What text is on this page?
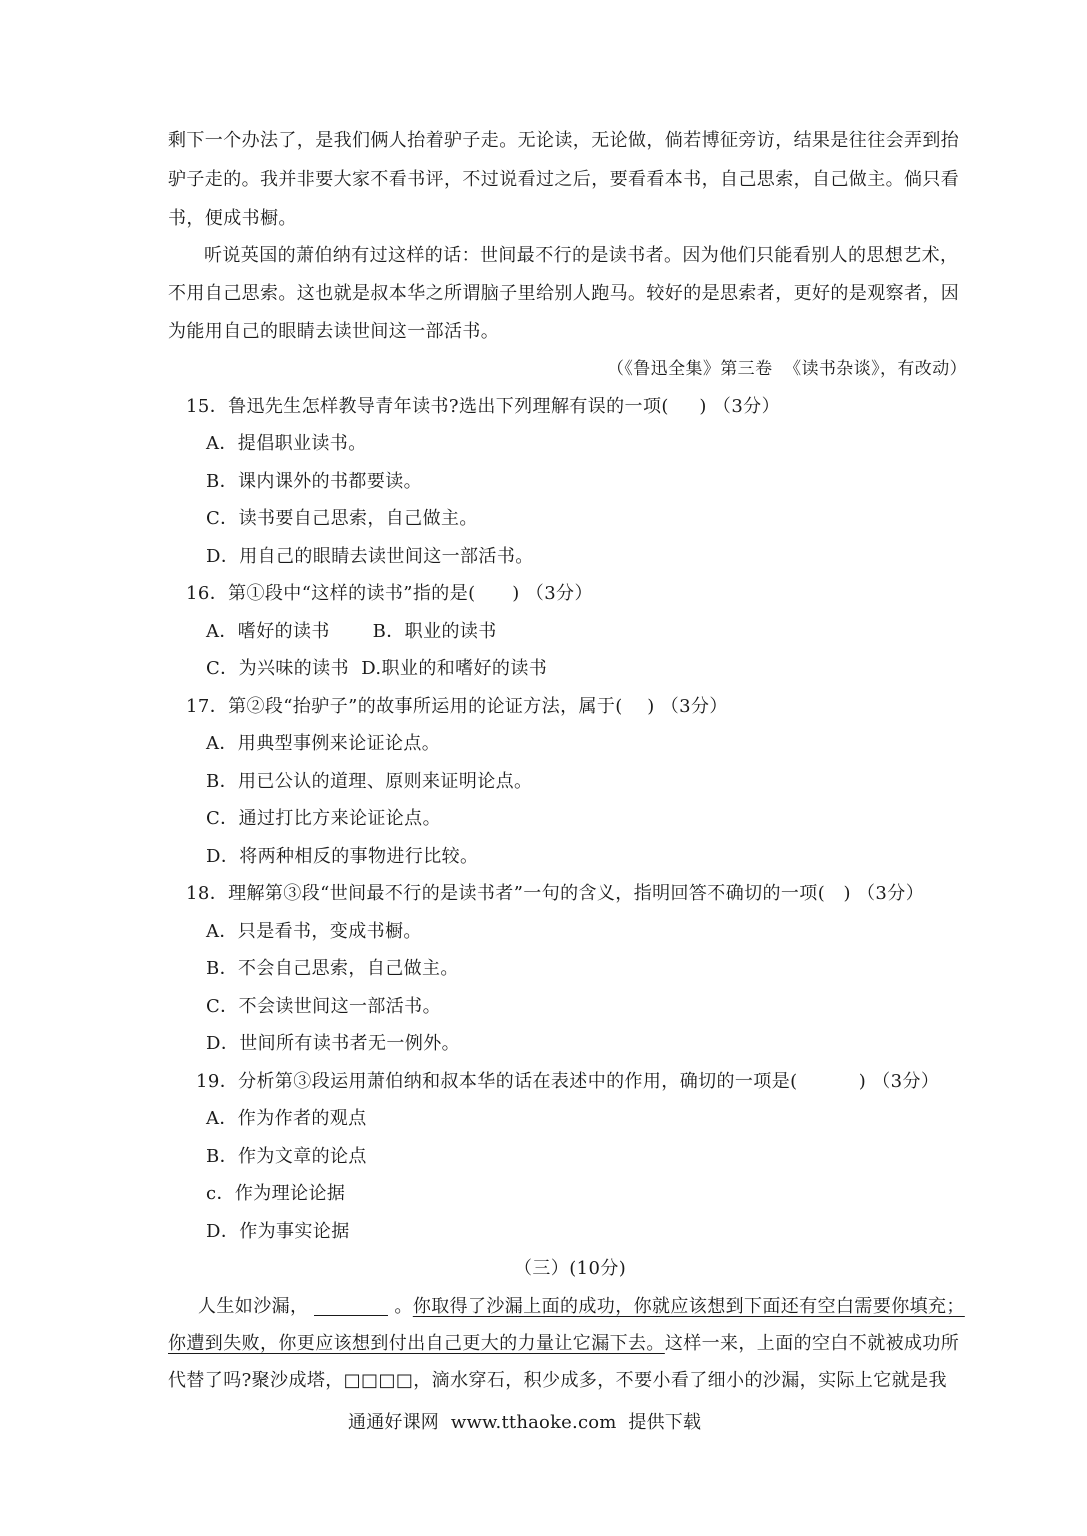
剩下一个办法了，是我们俩人抬着驴子走。无论读，无论做，倘若博征旁访，结果是往往会弄到抬

驴子走的。我并非要大家不看书评，不过说看过之后，要看看本书，自己思索，自己做主。倘只看

书，便成书橱。

听说英国的萧伯纳有过这样的话：世间最不行的是读书者。因为他们只能看别人的思想艺术，

不用自己思索。这也就是叔本华之所谓脑子里给别人跑马。较好的是思索者，更好的是观察者，因

为能用自己的眼睛去读世间这一部活书。

（《鲁迅全集》第三卷  《读书杂谈》，有改动）

15．鲁迅先生怎样教导青年读书?选出下列理解有误的一项(     ) （3分）

A．提倡职业读书。

B．课内课外的书都要读。

C．读书要自己思索，自己做主。

D．用自己的眼睛去读世间这一部活书。

16．第①段中“这样的读书”指的是(      ) （3分）

A．嗜好的读书       B．职业的读书

C．为兴味的读书  D.职业的和嗜好的读书

17．第②段“抬驴子”的故事所运用的论证方法，属于(    ) （3分）

A．用典型事例来论证论点。

B．用已公认的道理、原则来证明论点。

C．通过打比方来论证论点。

D．将两种相反的事物进行比较。

18．理解第③段“世间最不行的是读书者”一句的含义，指明回答不确切的一项(   ) （3分）

A．只是看书，变成书橱。

B．不会自己思索，自己做主。

C．不会读世间这一部活书。

D．世间所有读书者无一例外。

19．分析第③段运用萧伯纳和叔本华的话在表述中的作用，确切的一项是(          ) （3分）

A．作为作者的观点

B．作为文章的论点

c．作为理论论据

D．作为事实论据

（三）(10分)

人生如沙漏，	。你取得了沙漏上面的成功，你就应该想到下面还有空白需要你填充；

你遭到失败，你更应该想到付出自己更大的力量让它漏下去。这样一来，上面的空白不就被成功所

代替了吗?聚沙成塔，□□□□，滴水穿石，积少成多，不要小看了细小的沙漏，实际上它就是我

通通好课网  www.tthaoke.com  提供下载
